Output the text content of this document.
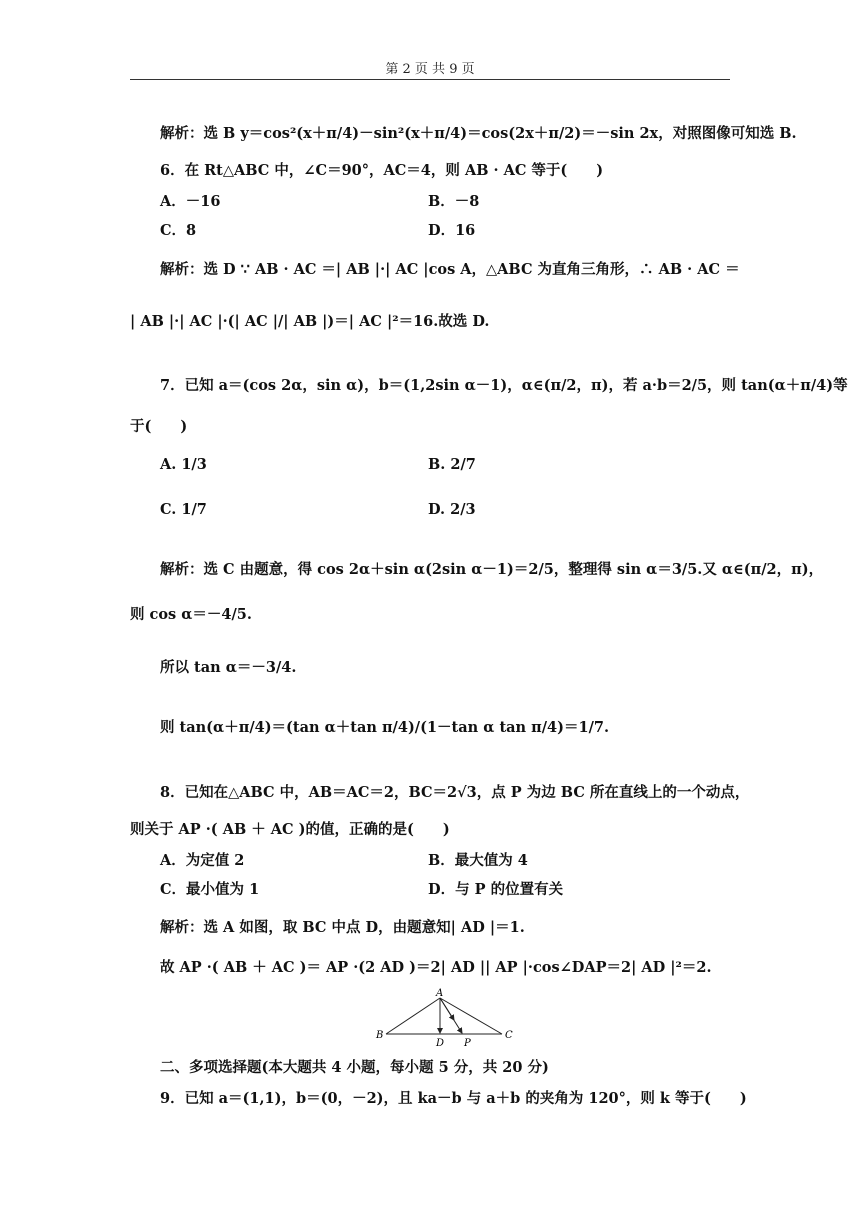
第 2 页 共 9 页
解析：选 B y＝cos²(x＋π/4)－sin²(x＋π/4)＝cos(2x＋π/2)＝－sin 2x，对照图像可知选 B.
6．在 Rt△ABC 中，∠C＝90°，AC＝4，则 AB · AC 等于(　　)
A．－16	B．－8
C．8	D．16
解析：选 D ∵ AB · AC ＝| AB |·| AC |cos A，△ABC 为直角三角形，∴ AB · AC ＝
| AB |·| AC |·(| AC |/| AB |)＝| AC |²＝16.故选 D.
7．已知 a＝(cos 2α，sin α)，b＝(1,2sin α－1)，α∈(π/2，π)，若 a·b＝2/5，则 tan(α＋π/4)等
于(　　)
A. 1/3	B. 2/7
C. 1/7	D. 2/3
解析：选 C 由题意，得 cos 2α＋sin α(2sin α－1)＝2/5，整理得 sin α＝3/5.又 α∈(π/2，π)，
则 cos α＝－4/5.
所以 tan α＝－3/4.
则 tan(α＋π/4)＝(tan α＋tan π/4)/(1－tan α tan π/4)＝1/7.
8．已知在△ABC 中，AB＝AC＝2，BC＝2√3，点 P 为边 BC 所在直线上的一个动点，
则关于 AP ·( AB ＋ AC )的值，正确的是(　　)
A．为定值 2	B．最大值为 4
C．最小值为 1	D．与 P 的位置有关
解析：选 A 如图，取 BC 中点 D，由题意知| AD |＝1.
故 AP ·( AB ＋ AC )＝ AP ·(2 AD )＝2| AD || AP |·cos∠DAP＝2| AD |²＝2.
A
B	C
D P
二、多项选择题(本大题共 4 小题，每小题 5 分，共 20 分)
9．已知 a＝(1,1)，b＝(0，－2)，且 ka－b 与 a＋b 的夹角为 120°，则 k 等于(　　)
